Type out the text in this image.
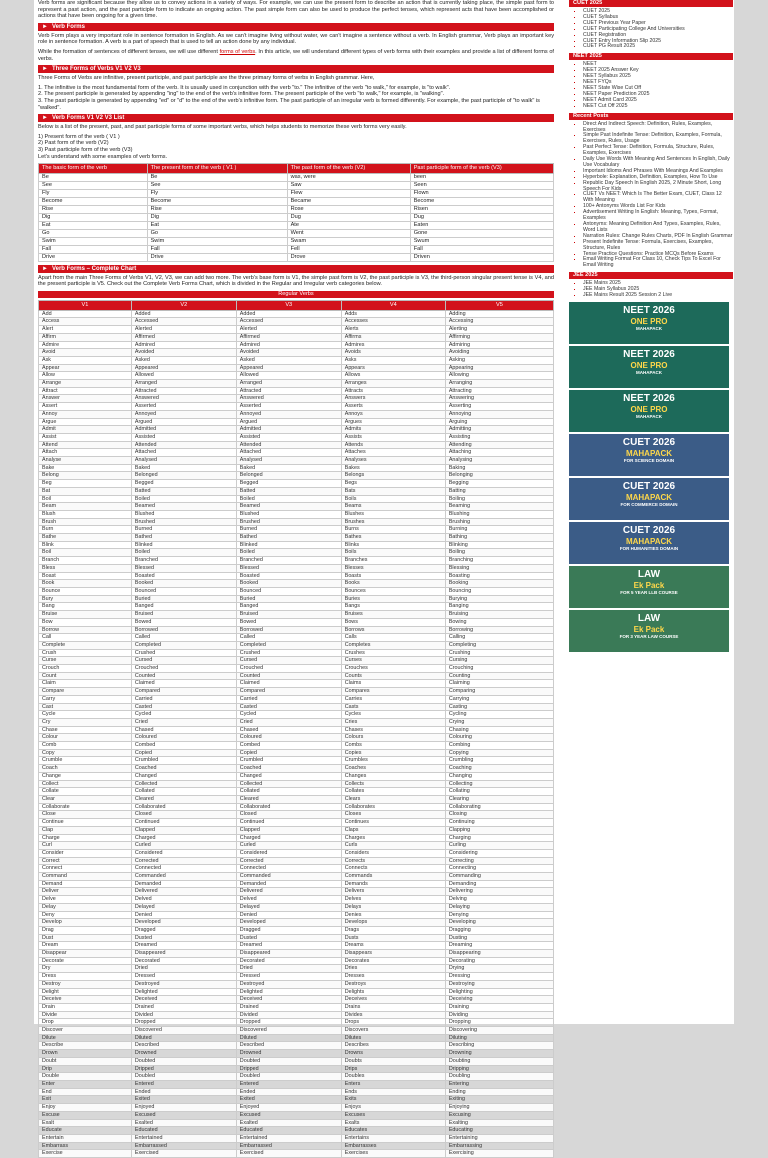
Verb forms are significant because they allow us to convey actions in a variety of ways. For example, we can use the present form to describe an action that is currently taking place, the simple past form to represent a past action, and the past participle form to indicate an ongoing action. The past simple form can also be used to produce the perfect tenses, which represent acts that have been accomplished or actions that have been ongoing for a given time.

► Verb Forms

Verb Form plays a very important role in sentence formation in English. As we can't imagine living without water, we can't imagine a sentence without a verb. In English grammar, Verb plays an important key role in sentence formation. A verb is a part of speech that is used to tell an action done by any individual.

While the formation of sentences of different tenses, we will use different forms of verbs. In this article, we will understand different types of verb forms with their examples and provide a list of different forms of verbs.

► Three Forms of Verbs V1 V2 V3

Three Forms of Verbs are infinitive, present participle, and past participle are the three primary forms of verbs in English grammar. Here,

1. The infinitive is the most fundamental form of the verb. It is usually used in conjunction with the verb "to." The infinitive of the verb "to walk," for example, is "to walk".
2. The present participle is generated by appending "ing" to the end of the verb's infinitive form. The present participle of the verb "to walk," for example, is "walking".
3. The past participle is generated by appending "ed" or "d" to the end of the verb's infinitive form. The past participle of an irregular verb is formed differently. For example, the past participle of "to walk" is "walked".
► Verb Forms V1 V2 V3 List

Below is a list of the present, past, and past participle forms of some important verbs, which helps students to memorize these verb forms very easily.

1) Present form of the verb ( V1 )
2) Past form of the verb (V2)
3) Past participle form of the verb (V3)

Let's understand with some examples of verb forms.

The basic form of the verb	The present form of the verb ( V1 )	The past form of the verb (V2)	Past participle form of the verb (V3)
Be	Be	was, were	been
See	See	Saw	Seen
Fly	Fly	Flew	Flown
Become	Become	Became	Become
Rise	Rise	Rose	Risen
Dig	Dig	Dug	Dug
Eat	Eat	Ate	Eaten
Go	Go	Went	Gone
Swim	Swim	Swam	Swum
Fall	Fall	Fell	Fall
Drive	Drive	Drove	Driven
► Verb Forms – Complete Chart

Apart from the main Three Forms of Verbs V1, V2, V3, we can add two more. The verb's base form is V1, the simple past form is V2, the past participle is V3, the third-person singular present tense is V4, and the present participle is V5. Check out the Complete Verb Forms Chart, which is divided in the Regular and Irregular verb categories below.

Regular Verbs
V1	V2	V3	V4	V5
Add	Added	Added	Adds	Adding
Access	Accessed	Accessed	Accesses	Accessing
Alert	Alerted	Alerted	Alerts	Alerting
Affirm	Affirmed	Affirmed	Affirms	Affirming
Admire	Admired	Admired	Admires	Admiring
Avoid	Avoided	Avoided	Avoids	Avoiding
Ask	Asked	Asked	Asks	Asking
Appear	Appeared	Appeared	Appears	Appearing
Allow	Allowed	Allowed	Allows	Allowing
Arrange	Arranged	Arranged	Arranges	Arranging
Attract	Attracted	Attracted	Attracts	Attracting
Answer	Answered	Answered	Answers	Answering
Assert	Asserted	Asserted	Asserts	Asserting
Annoy	Annoyed	Annoyed	Annoys	Annoying
Argue	Argued	Argued	Argues	Arguing
Admit	Admitted	Admitted	Admits	Admitting
Assist	Assisted	Assisted	Assists	Assisting
Attend	Attended	Attended	Attends	Attending
Attach	Attached	Attached	Attaches	Attaching
Analyse	Analysed	Analysed	Analyses	Analysing
Bake	Baked	Baked	Bakes	Baking
Belong	Belonged	Belonged	Belongs	Belonging
Beg	Begged	Begged	Begs	Begging
Bat	Batted	Batted	Bats	Batting
Boil	Boiled	Boiled	Boils	Boiling
Beam	Beamed	Beamed	Beams	Beaming
Blush	Blushed	Blushed	Blushes	Blushing
Brush	Brushed	Brushed	Brushes	Brushing
Burn	Burned	Burned	Burns	Burning
Bathe	Bathed	Bathed	Bathes	Bathing
Blink	Blinked	Blinked	Blinks	Blinking
Boil	Boiled	Boiled	Boils	Boiling
Branch	Branched	Branched	Branches	Branching
Bless	Blessed	Blessed	Blesses	Blessing
Boast	Boasted	Boasted	Boasts	Boasting
Book	Booked	Booked	Books	Booking
Bounce	Bounced	Bounced	Bounces	Bouncing
Bury	Buried	Buried	Buries	Burying
Bang	Banged	Banged	Bangs	Banging
Bruise	Bruised	Bruised	Bruises	Bruising
Bow	Bowed	Bowed	Bows	Bowing
Borrow	Borrowed	Borrowed	Borrows	Borrowing
Call	Called	Called	Calls	Calling
Complete	Completed	Completed	Completes	Completing
Crush	Crushed	Crushed	Crushes	Crushing
Curse	Cursed	Cursed	Curses	Cursing
Crouch	Crouched	Crouched	Crouches	Crouching
Count	Counted	Counted	Counts	Counting
Claim	Claimed	Claimed	Claims	Claiming
Compare	Compared	Compared	Compares	Comparing
Carry	Carried	Carried	Carries	Carrying
Cast	Casted	Casted	Casts	Casting
Cycle	Cycled	Cycled	Cycles	Cycling
Cry	Cried	Cried	Cries	Crying
Chase	Chased	Chased	Chases	Chasing
Colour	Coloured	Coloured	Colours	Colouring
Comb	Combed	Combed	Combs	Combing
Copy	Copied	Copied	Copies	Copying
Crumble	Crumbled	Crumbled	Crumbles	Crumbling
Coach	Coached	Coached	Coaches	Coaching
Change	Changed	Changed	Changes	Changing
Collect	Collected	Collected	Collects	Collecting
Collate	Collated	Collated	Collates	Collating
Clear	Cleared	Cleared	Clears	Clearing
Collaborate	Collaborated	Collaborated	Collaborates	Collaborating
Close	Closed	Closed	Closes	Closing
Continue	Continued	Continued	Continues	Continuing
Clap	Clapped	Clapped	Claps	Clapping
Charge	Charged	Charged	Charges	Charging
Curl	Curled	Curled	Curls	Curling
Consider	Considered	Considered	Considers	Considering
Correct	Corrected	Corrected	Corrects	Correcting
Connect	Connected	Connected	Connects	Connecting
Command	Commanded	Commanded	Commands	Commanding
Demand	Demanded	Demanded	Demands	Demanding
Deliver	Delivered	Delivered	Delivers	Delivering
Delve	Delved	Delved	Delves	Delving
Delay	Delayed	Delayed	Delays	Delaying
Deny	Denied	Denied	Denies	Denying
Develop	Developed	Developed	Develops	Developing
Drag	Dragged	Dragged	Drags	Dragging
Dust	Dusted	Dusted	Dusts	Dusting
Dream	Dreamed	Dreamed	Dreams	Dreaming
Disappear	Disappeared	Disappeared	Disappears	Disappearing
Decorate	Decorated	Decorated	Decorates	Decorating
Dry	Dried	Dried	Dries	Drying
Dress	Dressed	Dressed	Dresses	Dressing
Destroy	Destroyed	Destroyed	Destroys	Destroying
Delight	Delighted	Delighted	Delights	Delighting
Deceive	Deceived	Deceived	Deceives	Deceiving
Drain	Drained	Drained	Drains	Draining
Divide	Divided	Divided	Divides	Dividing
Drop	Dropped	Dropped	Drops	Dropping
Discover	Discovered	Discovered	Discovers	Discovering
Dilute	Diluted	Diluted	Dilutes	Diluting
Describe	Described	Described	Describes	Describing
Drown	Drowned	Drowned	Drowns	Drowning
Doubt	Doubted	Doubted	Doubts	Doubting
Drip	Dripped	Dripped	Drips	Dripping
Double	Doubled	Doubled	Doubles	Doubling
Enter	Entered	Entered	Enters	Entering
End	Ended	Ended	Ends	Ending
Exit	Exited	Exited	Exits	Exiting
Enjoy	Enjoyed	Enjoyed	Enjoys	Enjoying
Excuse	Excused	Excused	Excuses	Excusing
Exalt	Exalted	Exalted	Exalts	Exalting
Educate	Educated	Educated	Educates	Educating
Entertain	Entertained	Entertained	Entertains	Entertaining
Embarrass	Embarrassed	Embarrassed	Embarrasses	Embarrassing
Exercise	Exercised	Exercised	Exercises	Exercising
CUET 2025
▪ CUET 2025
▪ CUET Syllabus
▪ CUET Previous Year Paper
▪ CUET Participating College And Universities
▪ CUET Registration
▪ CUET Entry Information Slip 2025
▪ CUET PG Result 2025
NEET 2025
▪ NEET
▪ NEET 2025 Answer Key
▪ NEET Syllabus 2025
▪ NEET FYQs
▪ NEET State Wise Cut Off
▪ NEET Paper Prediction 2025
▪ NEET Admit Card 2025
▪ NEET Cut Off 2025
Recent Posts
▪ Direct And Indirect Speech: Definition, Rules, Examples, Exercises
▪ Simple Past Indefinite Tense: Definition, Examples, Formula, Exercises, Rules, Usage
▪ Past Perfect Tense: Definition, Formula, Structure, Rules, Examples, Exercises
▪ Daily Use Words With Meaning And Sentences In English, Daily Use Vocabulary
▪ Important Idioms And Phrases With Meanings And Examples
▪ Hyperbole: Explanation, Definition, Examples, How To Use
▪ Republic Day Speech In English 2025, 2 Minute Short, Long Speech For Kids
▪ CUET Vs NEET: Which Is The Better Exam, CUET, Class 12 With Meaning
▪ 100+ Antonyms Words List For Kids
▪ Advertisement Writing In English: Meaning, Types, Format, Examples
▪ Antonyms: Meaning Definition And Types, Examples, Rules, Word Lists
▪ Narration Rules: Change Rules Charts, PDF In English Grammar
▪ Present Indefinite Tense: Formula, Exercises, Examples, Structure, Rules
▪ Tense Practice Questions: Practice MCQs Before Exams
▪ Email Writing Format For Class 10, Check Tips To Excel For Email Writing
JEE 2025
▪ JEE Mains 2025
▪ JEE Main Syllabus 2025
▪ JEE Mains Result 2025 Session 2 Live
NEET 2026
ONE PRO
MAHAPACK
NEET 2026
ONE PRO
MAHAPACK
NEET 2026
ONE PRO
MAHAPACK
CUET 2026
MAHAPACK
FOR SCIENCE DOMAIN
CUET 2026
MAHAPACK
FOR COMMERCE DOMAIN
CUET 2026
MAHAPACK
FOR HUMANITIES DOMAIN
LAW
Ek Pack
FOR 5 YEAR LLB COURSE
LAW
Ek Pack
FOR 3 YEAR LAW COURSE
